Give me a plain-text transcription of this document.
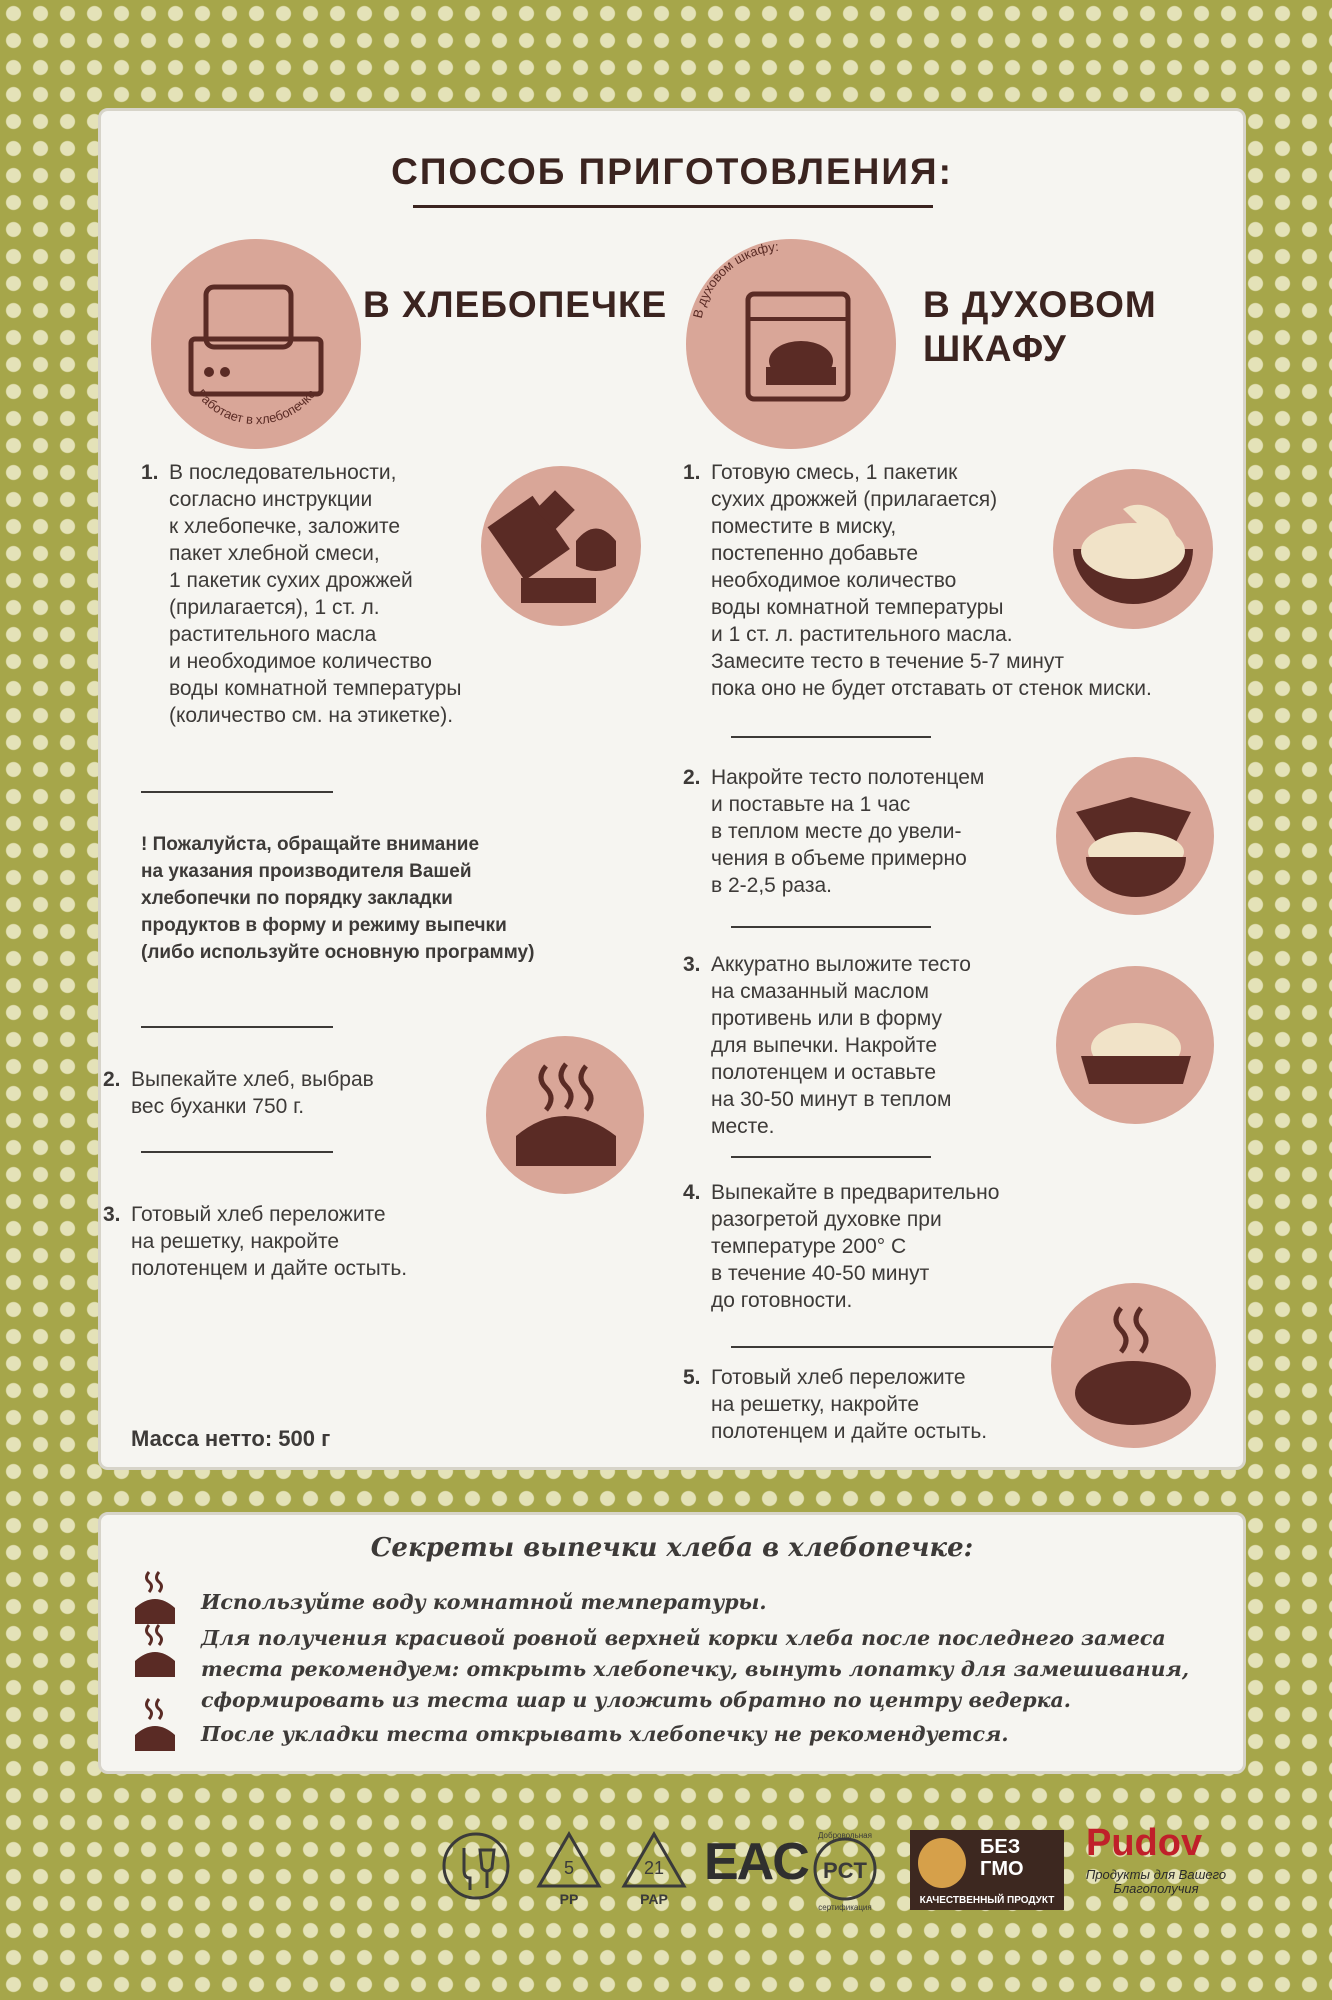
СПОСОБ ПРИГОТОВЛЕНИЯ:
Работает в хлебопечке
В ХЛЕБОПЕЧКЕ В духовом шкафу:
В ДУХОВОМ
ШКАФУ
1. В последовательности,
согласно инструкции
к хлебопечке, заложите
пакет хлебной смеси,
1 пакетик сухих дрожжей
(прилагается), 1 ст. л.
растительного масла
и необходимое количество
воды комнатной температуры
(количество см. на этикетке).
! Пожалуйста, обращайте внимание
на указания производителя Вашей
хлебопечки по порядку закладки
продуктов в форму и режиму выпечки
(либо используйте основную программу)
2. Выпекайте хлеб, выбрав
вес буханки 750 г.
3. Готовый хлеб переложите
на решетку, накройте
полотенцем и дайте остыть.
Масса нетто: 500 г
1. Готовую смесь, 1 пакетик
сухих дрожжей (прилагается)
поместите в миску,
постепенно добавьте
необходимое количество
воды комнатной температуры
и 1 ст. л. растительного масла.
Замесите тесто в течение 5-7 минут
пока оно не будет отставать от стенок миски.
2. Накройте тесто полотенцем
и поставьте на 1 час
в теплом месте до увели-
чения в объеме примерно
в 2-2,5 раза.
3. Аккуратно выложите тесто
на смазанный маслом
противень или в форму
для выпечки. Накройте
полотенцем и оставьте
на 30-50 минут в теплом
месте.
4. Выпекайте в предварительно
разогретой духовке при
температуре 200° С
в течение 40-50 минут
до готовности.
5. Готовый хлеб переложите
на решетку, накройте
полотенцем и дайте остыть.
Секреты выпечки хлеба в хлебопечке:
Используйте воду комнатной температуры.
Для получения красивой ровной верхней корки хлеба после последнего замеса
теста рекомендуем: открыть хлебопечку, вынуть лопатку для замешивания,
сформировать из теста шар и уложить обратно по центру ведерка.
После укладки теста открывать хлебопечку не рекомендуется.
5
PP
21
PAP
EAC PCT
Добровольная
сертификация
БЕЗ
ГМО
КАЧЕСТВЕННЫЙ ПРОДУКТ
Pudov
Продукты для Вашего
Благополучия
